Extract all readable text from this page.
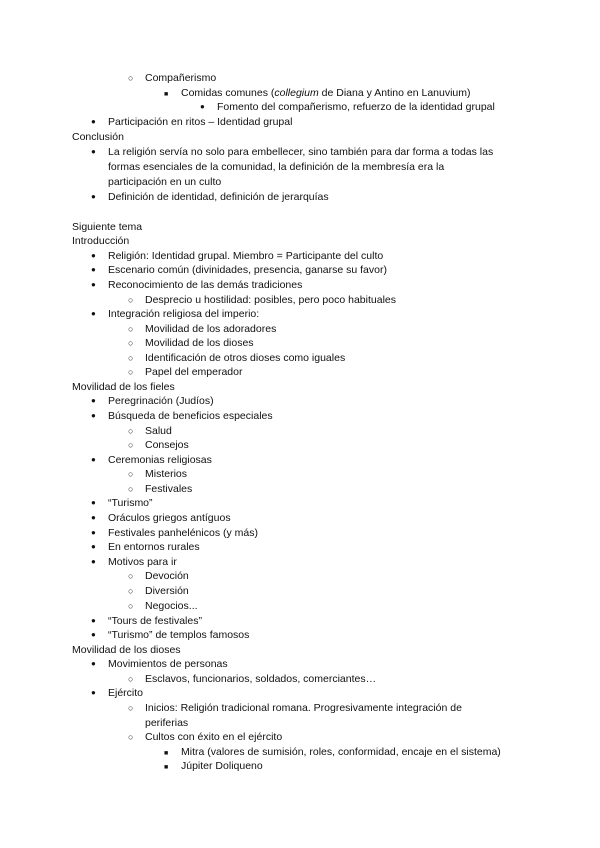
○ Compañerismo
■ Comidas comunes (collegium de Diana y Antino en Lanuvium)
● Fomento del compañerismo, refuerzo de la identidad grupal
● Participación en ritos – Identidad grupal
Conclusión
● La religión servía no solo para embellecer, sino también para dar forma a todas las
formas esenciales de la comunidad, la definición de la membresía era la
participación en un culto
● Definición de identidad, definición de jerarquías
Siguiente tema
Introducción
● Religión: Identidad grupal. Miembro = Participante del culto
● Escenario común (divinidades, presencia, ganarse su favor)
● Reconocimiento de las demás tradiciones
○ Desprecio u hostilidad: posibles, pero poco habituales
● Integración religiosa del imperio:
○ Movilidad de los adoradores
○ Movilidad de los dioses
○ Identificación de otros dioses como iguales
○ Papel del emperador
Movilidad de los fieles
● Peregrinación (Judíos)
● Búsqueda de beneficios especiales
○ Salud
○ Consejos
● Ceremonias religiosas
○ Misterios
○ Festivales
● “Turismo”
● Oráculos griegos antíguos
● Festivales panhelénicos (y más)
● En entornos rurales
● Motivos para ir
○ Devoción
○ Diversión
○ Negocios...
● “Tours de festivales”
● “Turismo” de templos famosos
Movilidad de los dioses
● Movimientos de personas
○ Esclavos, funcionarios, soldados, comerciantes…
● Ejército
○ Inicios: Religión tradicional romana. Progresivamente integración de
periferias
○ Cultos con éxito en el ejército
■ Mitra (valores de sumisión, roles, conformidad, encaje en el sistema)
■ Júpiter Doliqueno
